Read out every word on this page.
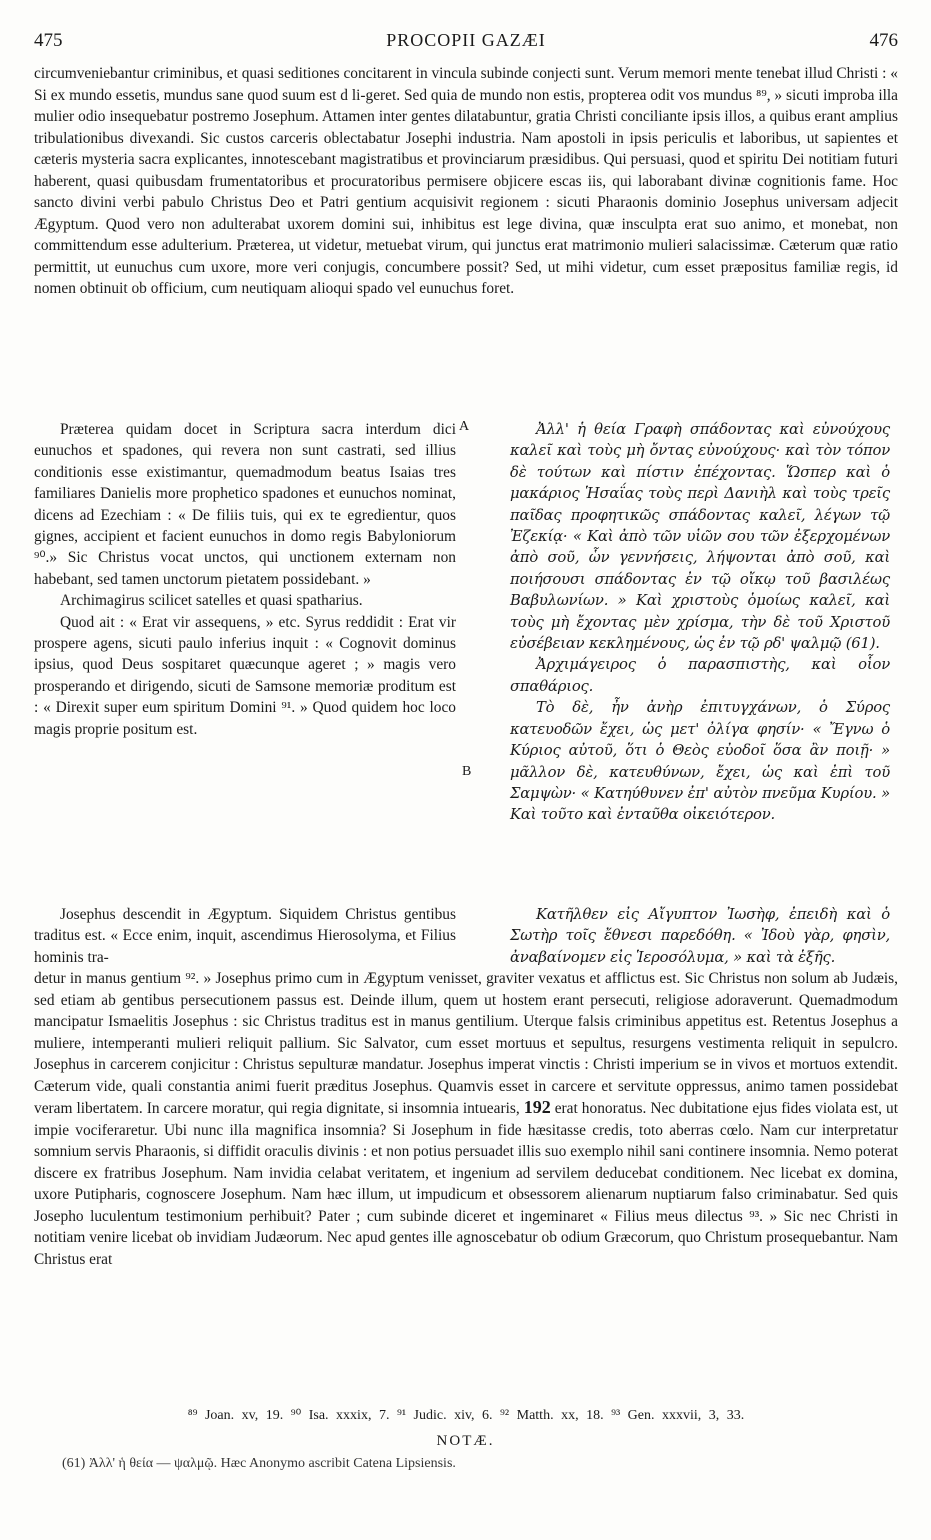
475	PROCOPII GAZÆI	476

circumveniebantur criminibus, et quasi seditiones concitarent in vincula subinde conjecti sunt. Verum memori mente tenebat illud Christi : « Si ex mundo essetis, mundus sane quod suum est d li-geret. Sed quia de mundo non estis, propterea odit vos mundus ⁸⁹, » sicuti improba illa mulier odio insequebatur postremo Josephum. Attamen inter gentes dilatabuntur, gratia Christi conciliante ipsis illos, a quibus erant amplius tribulationibus divexandi. Sic custos carceris oblectabatur Josephi industria. Nam apostoli in ipsis periculis et laboribus, ut sapientes et cæteris mysteria sacra explicantes, innotescebant magistratibus et provinciarum præsidibus. Qui persuasi, quod et spiritu Dei notitiam futuri haberent, quasi quibusdam frumentatoribus et procuratoribus permisere objicere escas iis, qui laborabant divinæ cognitionis fame. Hoc sancto divini verbi pabulo Christus Deo et Patri gentium acquisivit regionem : sicuti Pharaonis dominio Josephus universam adjecit Ægyptum. Quod vero non adulterabat uxorem domini sui, inhibitus est lege divina, quæ insculpta erat suo animo, et monebat, non committendum esse adulterium. Præterea, ut videtur, metuebat virum, qui junctus erat matrimonio mulieri salacissimæ. Cæterum quæ ratio permittit, ut eunuchus cum uxore, more veri conjugis, concumbere possit? Sed, ut mihi videtur, cum esset præpositus familiæ regis, id nomen obtinuit ob officium, cum neutiquam alioqui spado vel eunuchus foret.

Præterea quidam docet in Scriptura sacra interdum dici eunuchos et spadones, qui revera non sunt castrati, sed illius conditionis esse existimantur, quemadmodum beatus Isaias tres familiares Danielis more prophetico spadones et eunuchos nominat, dicens ad Ezechiam : « De filiis tuis, qui ex te egredientur, quos gignes, accipient et facient eunuchos in domo regis Babyloniorum ⁹⁰.» Sic Christus vocat unctos, qui unctionem externam non habebant, sed tamen unctorum pietatem possidebant. »

Archimagirus scilicet satelles et quasi spatharius.

Quod ait : « Erat vir assequens, » etc. Syrus reddidit : Erat vir prospere agens, sicuti paulo inferius inquit : « Cognovit dominus ipsius, quod Deus sospitaret quæcunque ageret ; » magis vero prosperando et dirigendo, sicuti de Samsone memoriæ proditum est : « Direxit super eum spiritum Domini ⁹¹. » Quod quidem hoc loco magis proprie positum est.

A
B

Ἀλλ' ἡ θεία Γραφὴ σπάδοντας καὶ εὐνούχους καλεῖ καὶ τοὺς μὴ ὄντας εὐνούχους· καὶ τὸν τόπον δὲ τούτων καὶ πίστιν ἐπέχοντας. Ὥσπερ καὶ ὁ μακάριος Ἡσαΐας τοὺς περὶ Δανιὴλ καὶ τοὺς τρεῖς παῖδας προφητικῶς σπάδοντας καλεῖ, λέγων τῷ Ἐζεκίᾳ· « Καὶ ἀπὸ τῶν υἱῶν σου τῶν ἐξερχομένων ἀπὸ σοῦ, ὧν γεννήσεις, λήψονται ἀπὸ σοῦ, καὶ ποιήσουσι σπάδοντας ἐν τῷ οἴκῳ τοῦ βασιλέως Βαβυλωνίων. » Καὶ χριστοὺς ὁμοίως καλεῖ, καὶ τοὺς μὴ ἔχοντας μὲν χρίσμα, τὴν δὲ τοῦ Χριστοῦ εὐσέβειαν κεκλημένους, ὡς ἐν τῷ ρδ' ψαλμῷ (61).

Ἀρχιμάγειρος ὁ παρασπιστὴς, καὶ οἷον σπαθάριος.

Τὸ δὲ, ἦν ἀνὴρ ἐπιτυγχάνων, ὁ Σύρος κατευοδῶν ἔχει, ὡς μετ' ὀλίγα φησίν· « Ἔγνω ὁ Κύριος αὐτοῦ, ὅτι ὁ Θεὸς εὐοδοῖ ὅσα ἂν ποιῇ· » μᾶλλον δὲ, κατευθύνων, ἔχει, ὡς καὶ ἐπὶ τοῦ Σαμψὼν· « Κατηύθυνεν ἐπ' αὐτὸν πνεῦμα Κυρίου. » Καὶ τοῦτο καὶ ἐνταῦθα οἰκειότερον.

Josephus descendit in Ægyptum. Siquidem Christus gentibus traditus est. « Ecce enim, inquit, ascendimus Hierosolyma, et Filius hominis tra-

Κατῆλθεν εἰς Αἴγυπτον Ἰωσὴφ, ἐπειδὴ καὶ ὁ Σωτὴρ τοῖς ἔθνεσι παρεδόθη. « Ἰδοὺ γὰρ, φησὶν, ἀναβαίνομεν εἰς Ἱεροσόλυμα, » καὶ τὰ ἑξῆς.

detur in manus gentium ⁹². » Josephus primo cum in Ægyptum venisset, graviter vexatus et afflictus est. Sic Christus non solum ab Judæis, sed etiam ab gentibus persecutionem passus est. Deinde illum, quem ut hostem erant persecuti, religiose adoraverunt. Quemadmodum mancipatur Ismaelitis Josephus : sic Christus traditus est in manus gentilium. Uterque falsis criminibus appetitus est. Retentus Josephus a muliere, intemperanti mulieri reliquit pallium. Sic Salvator, cum esset mortuus et sepultus, resurgens vestimenta reliquit in sepulcro. Josephus in carcerem conjicitur : Christus sepulturæ mandatur. Josephus imperat vinctis : Christi imperium se in vivos et mortuos extendit. Cæterum vide, quali constantia animi fuerit præditus Josephus. Quamvis esset in carcere et servitute oppressus, animo tamen possidebat veram libertatem. In carcere moratur, qui regia dignitate, si insomnia intuearis, 192 erat honoratus. Nec dubitatione ejus fides violata est, ut impie vociferaretur. Ubi nunc illa magnifica insomnia? Si Josephum in fide hæsitasse credis, toto aberras cœlo. Nam cur interpretatur somnium servis Pharaonis, si diffidit oraculis divinis : et non potius persuadet illis suo exemplo nihil sani continere insomnia. Nemo poterat discere ex fratribus Josephum. Nam invidia celabat veritatem, et ingenium ad servilem deducebat conditionem. Nec licebat ex domina, uxore Putipharis, cognoscere Josephum. Nam hæc illum, ut impudicum et obsessorem alienarum nuptiarum falso criminabatur. Sed quis Josepho luculentum testimonium perhibuit? Pater ; cum subinde diceret et ingeminaret « Filius meus dilectus ⁹³. » Sic nec Christi in notitiam venire licebat ob invidiam Judæorum. Nec apud gentes ille agnoscebatur ob odium Græcorum, quo Christum prosequebantur. Nam Christus erat

⁸⁹ Joan. xv, 19. ⁹⁰ Isa. xxxix, 7. ⁹¹ Judic. xiv, 6. ⁹² Matth. xx, 18. ⁹³ Gen. xxxvii, 3, 33.
NOTÆ.
(61) Ἀλλ' ἡ θεία — ψαλμῷ. Hæc Anonymo ascribit Catena Lipsiensis.
